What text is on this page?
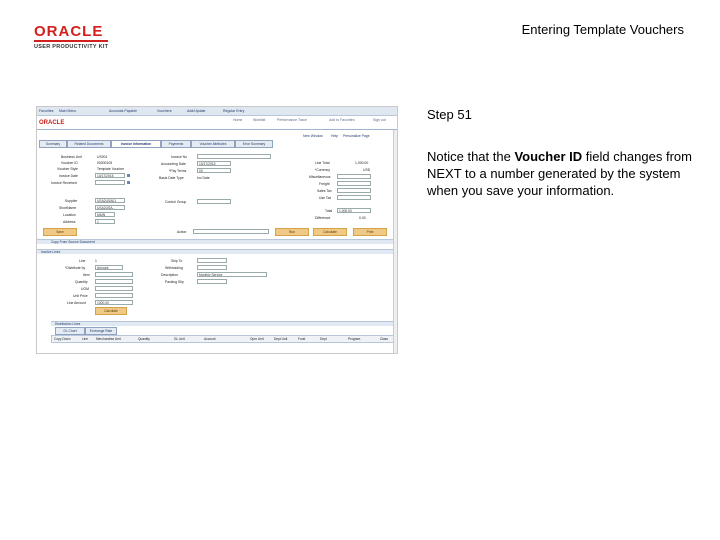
ORACLE
USER PRODUCTIVITY KIT
Entering Template Vouchers
Favorites Main Menu	Accounts Payable	Vouchers	Add/Update	Regular Entry
ORACLE	Home	Worklist	Performance Trace	Add to Favorites	Sign out
New Window Help Personalize Page
Summary	Related Documents	Invoice Information	Payments	Voucher Attributes	Error Summary
Business Unit	US001
Voucher ID	00000105
Voucher Style	Template Voucher
Invoice Date	10/17/2015
Invoice Received
Supplier	USA2USA01
ShortName	USA2USA...
Location	MAIN
Address	1
Invoice No
Accounting Date	10/17/2015
*Pay Terms	00
Basis Date Type	Inv Date
Control Group
Line Total	1,000.00
*Currency	USD
Miscellaneous
Freight
Sales Tax
Use Tax
Total	1,000.00
Difference	0.00
Save	Action	Run	Calculate	Print
Copy From Source Document
Invoice Lines
Line	1
*Distribute by	Amount
Item
Quantity
UOM
Unit Price
Line Amount	1000.00
Ship To
Withholding
Description	Monthly Service
Packing Slip
Calculate
Distribution Lines
GL Chart	Exchange Rate
Copy Down	Line Merchandise Amt	Quantity	GL Unit	Account	Oper Unit	Dept Unit	Fund	Dept	Program	Class
Step 51
Notice that the Voucher ID field changes from NEXT to a number generated by the system when you save your information.
